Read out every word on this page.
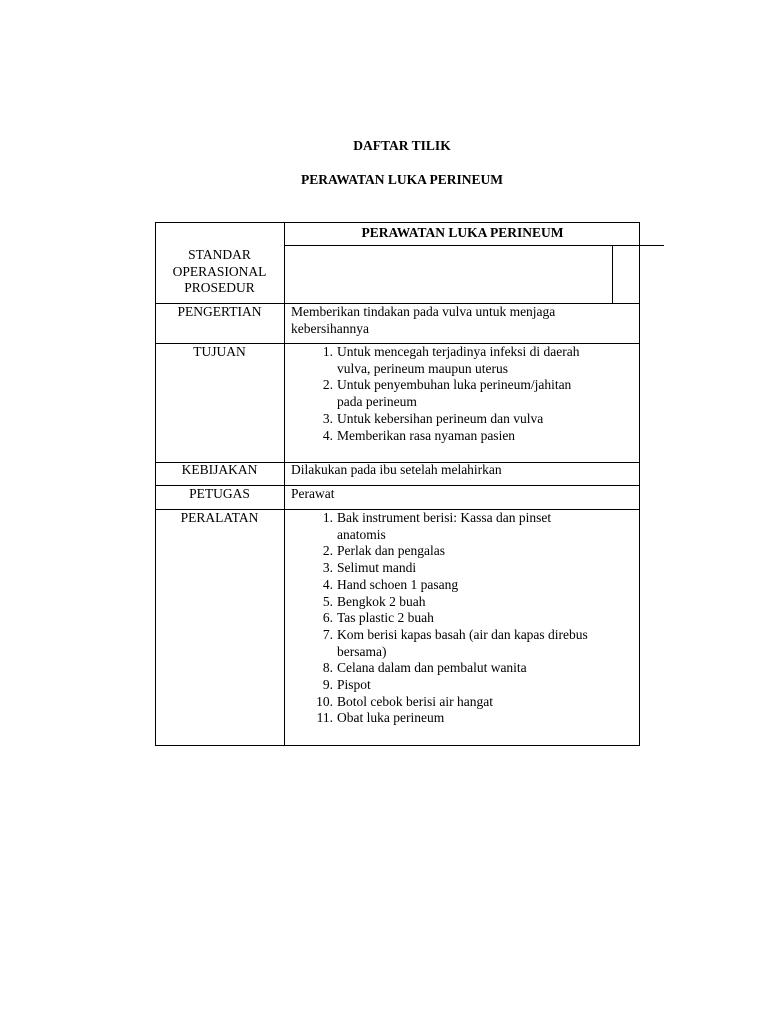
DAFTAR TILIK
PERAWATAN LUKA PERINEUM
PERAWATAN LUKA PERINEUM
STANDAR
OPERASIONAL
PROSEDUR
PENGERTIAN	Memberikan tindakan pada vulva untuk menjaga
kebersihannya
TUJUAN	1. Untuk mencegah terjadinya infeksi di daerah
vulva, perineum maupun uterus
2. Untuk penyembuhan luka perineum/jahitan
pada perineum
3. Untuk kebersihan perineum dan vulva
4. Memberikan rasa nyaman pasien
KEBIJAKAN	Dilakukan pada ibu setelah melahirkan
PETUGAS	Perawat
PERALATAN	1. Bak instrument berisi: Kassa dan pinset
anatomis
2. Perlak dan pengalas
3. Selimut mandi
4. Hand schoen 1 pasang
5. Bengkok 2 buah
6. Tas plastic 2 buah
7. Kom berisi kapas basah (air dan kapas direbus
bersama)
8. Celana dalam dan pembalut wanita
9. Pispot
10. Botol cebok berisi air hangat
11. Obat luka perineum
